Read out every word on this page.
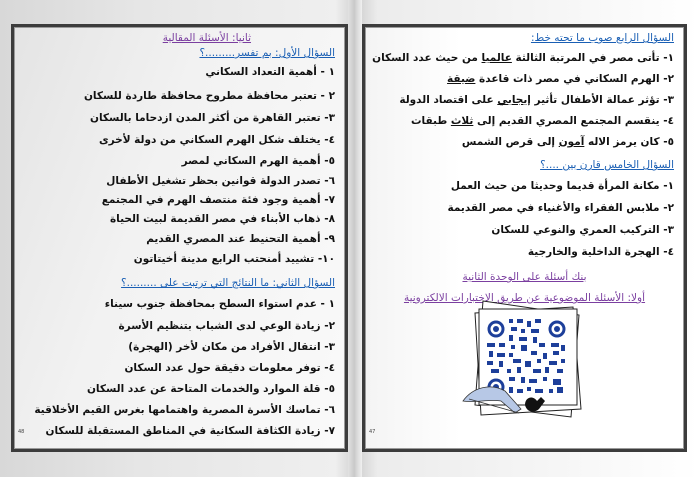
ثانيا: الأسئلة المقالية
السؤال الأول: بم تفسر.........؟
١ - أهمية التعداد السكاني
٢ - تعتبر محافظة مطروح محافظة طاردة للسكان
٣- تعتبر القاهرة من أكثر المدن ازدحاما بالسكان
٤- يختلف شكل الهرم السكاني من دولة لأخرى
٥- أهمية الهرم السكاني لمصر
٦- تصدر الدولة قوانين بحظر تشغيل الأطفال
٧- أهمية وجود فئة منتصف الهرم في المجتمع
٨- ذهاب الأبناء في مصر القديمة لبيت الحياة
٩- أهمية التحنيط عند المصري القديم
١٠- تشييد أمنحتب الرابع مدينة أخيتاتون
السؤال الثاني: ما النتائج التي ترتبت على .........؟
١ - عدم استواء السطح بمحافظة جنوب سيناء
٢- زيادة الوعي لدى الشباب بتنظيم الأسرة
٣- انتقال الأفراد من مكان لأخر (الهجرة)
٤- توفر معلومات دقيقة حول عدد السكان
٥- قلة الموارد والخدمات المتاحة عن عدد السكان
٦- تماسك الأسرة المصرية واهتمامها بغرس القيم الأخلاقية
٧- زيادة الكثافة السكانية في المناطق المستقبلة للسكان
48
السؤال الرابع صوب ما تحته خط:
١- تأتى مصر في المرتبة الثالثة عالميا من حيث عدد السكان
٢- الهرم السكاني في مصر ذات قاعدة ضيقة
٣- تؤثر عمالة الأطفال تأثير إيجابي على اقتصاد الدولة
٤- ينقسم المجتمع المصري القديم إلى ثلاث طبقات
٥- كان يرمز الاله آمون إلى قرص الشمس
السؤال الخامس قارن بين ....؟
١- مكانة المرأة قديما وحديثا من حيث العمل
٢- ملابس الفقراء والأغنياء في مصر القديمة
٣- التركيب العمري والنوعي للسكان
٤- الهجرة الداخلية والخارجية
بنك أسئلة على الوحدة الثانية
أولا: الأسئلة الموضوعية عن طريق الاختبارات الالكترونية
47
